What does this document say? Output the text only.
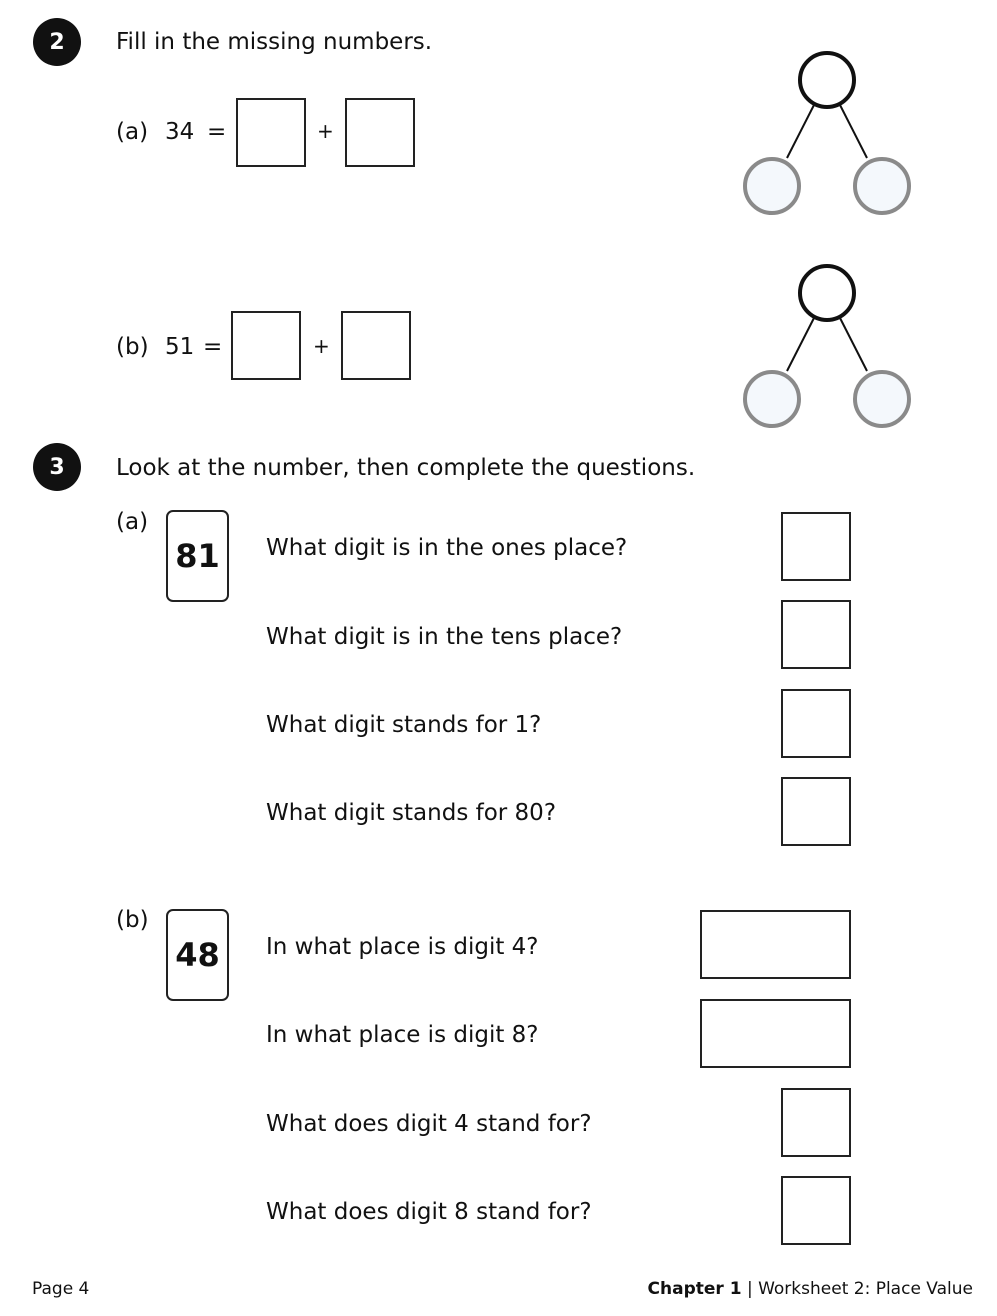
2	Fill in the missing numbers.
(a) 34 =	+
(b) 51 =	+
3	Look at the number, then complete the questions.
(a)
81	What digit is in the ones place?
What digit is in the tens place?
What digit stands for 1?
What digit stands for 80?
(b)
48	In what place is digit 4?
In what place is digit 8?
What does digit 4 stand for?
What does digit 8 stand for?
Page 4	Chapter 1 | Worksheet 2: Place Value
